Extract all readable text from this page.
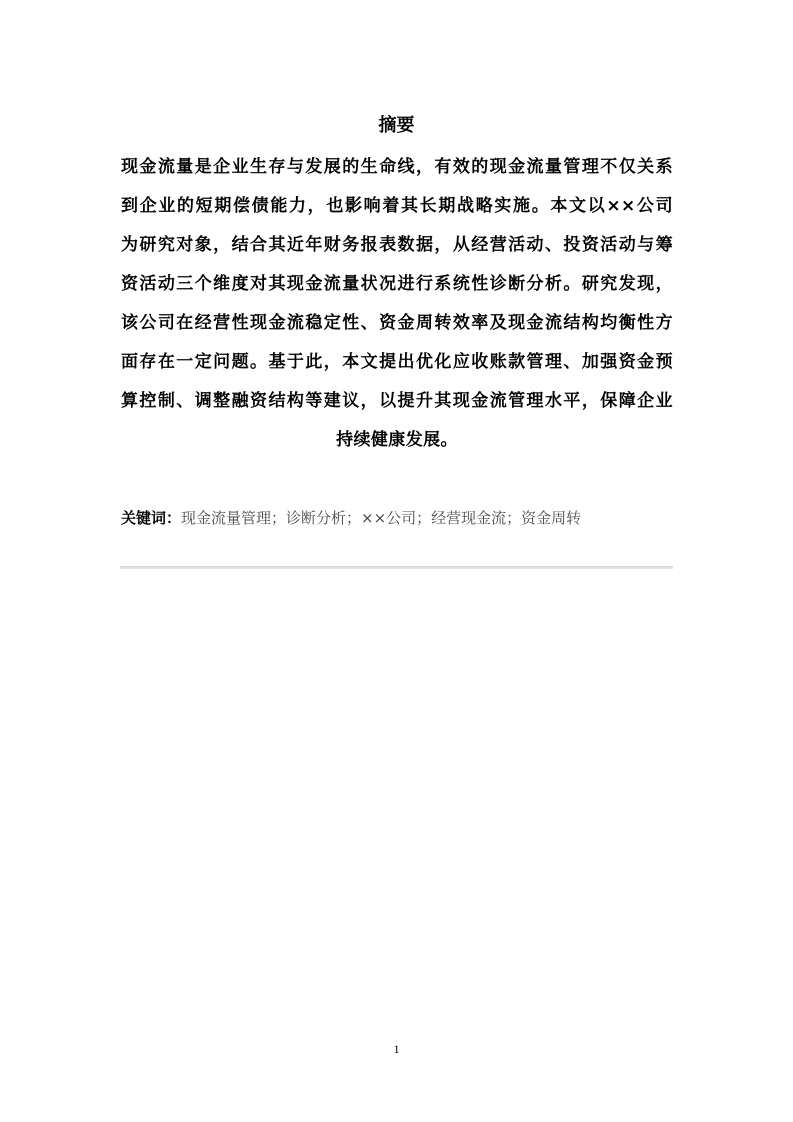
摘要
现金流量是企业生存与发展的生命线，有效的现金流量管理不仅关系
到企业的短期偿债能力，也影响着其长期战略实施。本文以××公司
为研究对象，结合其近年财务报表数据，从经营活动、投资活动与筹
资活动三个维度对其现金流量状况进行系统性诊断分析。研究发现，
该公司在经营性现金流稳定性、资金周转效率及现金流结构均衡性方
面存在一定问题。基于此，本文提出优化应收账款管理、加强资金预
算控制、调整融资结构等建议，以提升其现金流管理水平，保障企业
持续健康发展。
关键词：现金流量管理；诊断分析；××公司；经营现金流；资金周转
1
